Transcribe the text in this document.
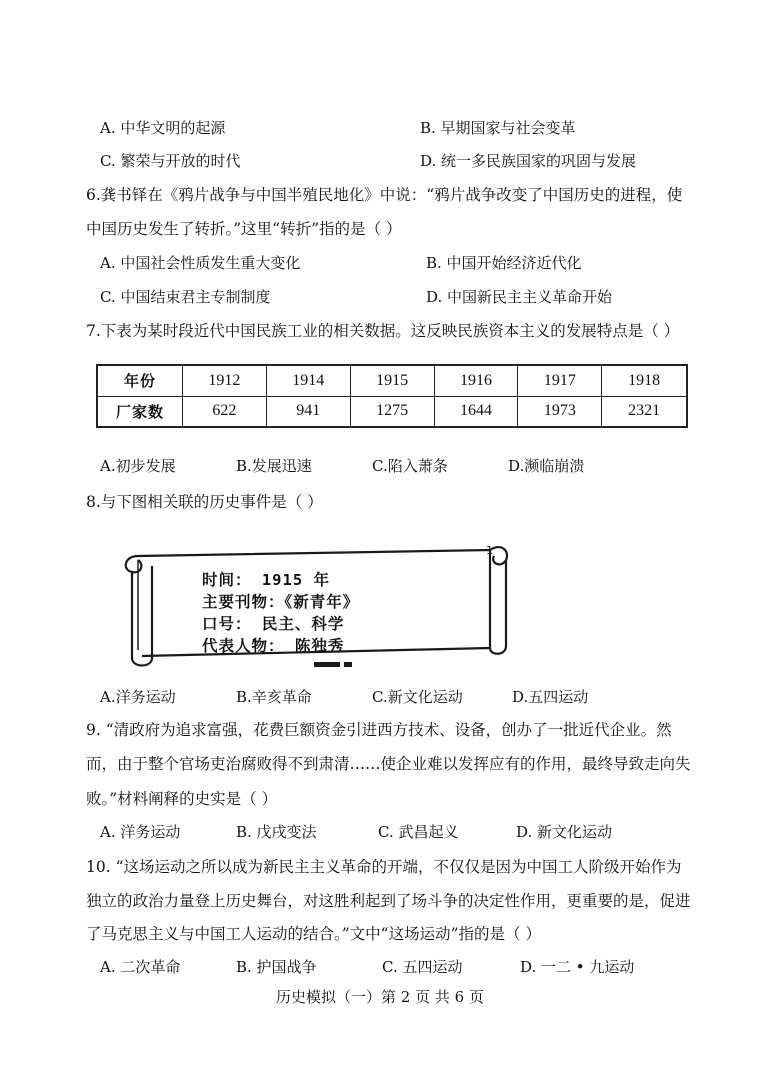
A. 中华文明的起源	B. 早期国家与社会变革
C. 繁荣与开放的时代	D. 统一多民族国家的巩固与发展
6.龚书铎在《鸦片战争与中国半殖民地化》中说：“鸦片战争改变了中国历史的进程，使
中国历史发生了转折。”这里“转折”指的是（ ）
A. 中国社会性质发生重大变化	B. 中国开始经济近代化
C. 中国结束君主专制制度	D. 中国新民主主义革命开始
7.下表为某时段近代中国民族工业的相关数据。这反映民族资本主义的发展特点是（ ）
年份	1912	1914	1915	1916	1917	1918
厂家数	622	941	1275	1644	1973	2321
A.初步发展	B.发展迅速	C.陷入萧条	D.濒临崩溃
8.与下图相关联的历史事件是（ ）
1
时间： 1915 年
主要刊物：《新青年》
口号： 民主、科学
代表人物： 陈独秀
A.洋务运动	B.辛亥革命	C.新文化运动	D.五四运动
9. “清政府为追求富强，花费巨额资金引进西方技术、设备，创办了一批近代企业。然
而，由于整个官场吏治腐败得不到肃清……使企业难以发挥应有的作用，最终导致走向失
败。”材料阐释的史实是（ ）
A. 洋务运动	B. 戊戌变法	C. 武昌起义	D. 新文化运动
10. “这场运动之所以成为新民主主义革命的开端，不仅仅是因为中国工人阶级开始作为
独立的政治力量登上历史舞台，对这胜利起到了场斗争的决定性作用，更重要的是，促进
了马克思主义与中国工人运动的结合。”文中“这场运动”指的是（ ）
A. 二次革命	B. 护国战争	C. 五四运动	D. 一二 • 九运动
历史模拟（一）第 2 页 共 6 页
